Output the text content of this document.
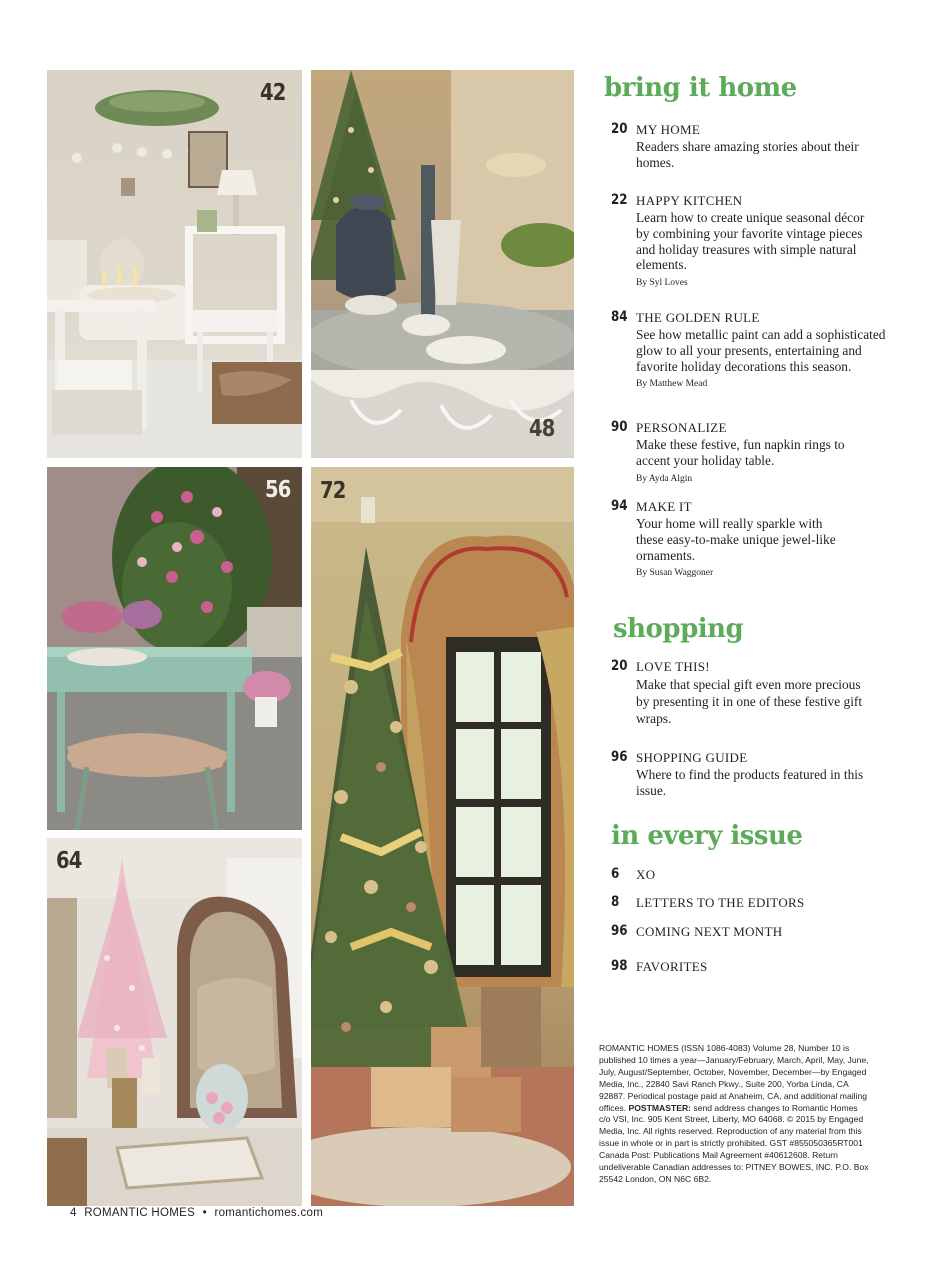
42
48
56 72
64
bring it home
20 MY HOME
Readers share amazing stories about their homes.
22 HAPPY KITCHEN
Learn how to create unique seasonal décor by combining your favorite vintage pieces and holiday treasures with simple natural elements.
By Syl Loves
84 THE GOLDEN RULE
See how metallic paint can add a sophisticated glow to all your presents, entertaining and favorite holiday decorations this season.
By Matthew Mead
90 PERSONALIZE
Make these festive, fun napkin rings to accent your holiday table.
By Ayda Algin
94 MAKE IT
Your home will really sparkle with these easy-to-make unique jewel-like ornaments.
By Susan Waggoner
shopping
20 LOVE THIS!
Make that special gift even more precious by presenting it in one of these festive gift wraps.
96 SHOPPING GUIDE
Where to find the products featured in this issue.
in every issue
6 XO
8 LETTERS TO THE EDITORS
96 COMING NEXT MONTH
98 FAVORITES

ROMANTIC HOMES (ISSN 1086-4083) Volume 28, Number 10 is published 10 times a year—January/February, March, April, May, June, July, August/September, October, November, December—by Engaged Media, Inc., 22840 Savi Ranch Pkwy., Suite 200, Yorba Linda, CA 92887. Periodical postage paid at Anaheim, CA, and additional mailing offices. POSTMASTER: send address changes to Romantic Homes c/o VSI, Inc. 905 Kent Street, Liberty, MO 64068. © 2015 by Engaged Media, Inc. All rights reserved. Reproduction of any material from this issue in whole or in part is strictly prohibited. GST #855050365RT001 Canada Post: Publications Mail Agreement #40612608. Return undeliverable Canadian addresses to: PITNEY BOWES, INC. P.O. Box 25542 London, ON N6C 6B2.

4 ROMANTIC HOMES • romantichomes.com
